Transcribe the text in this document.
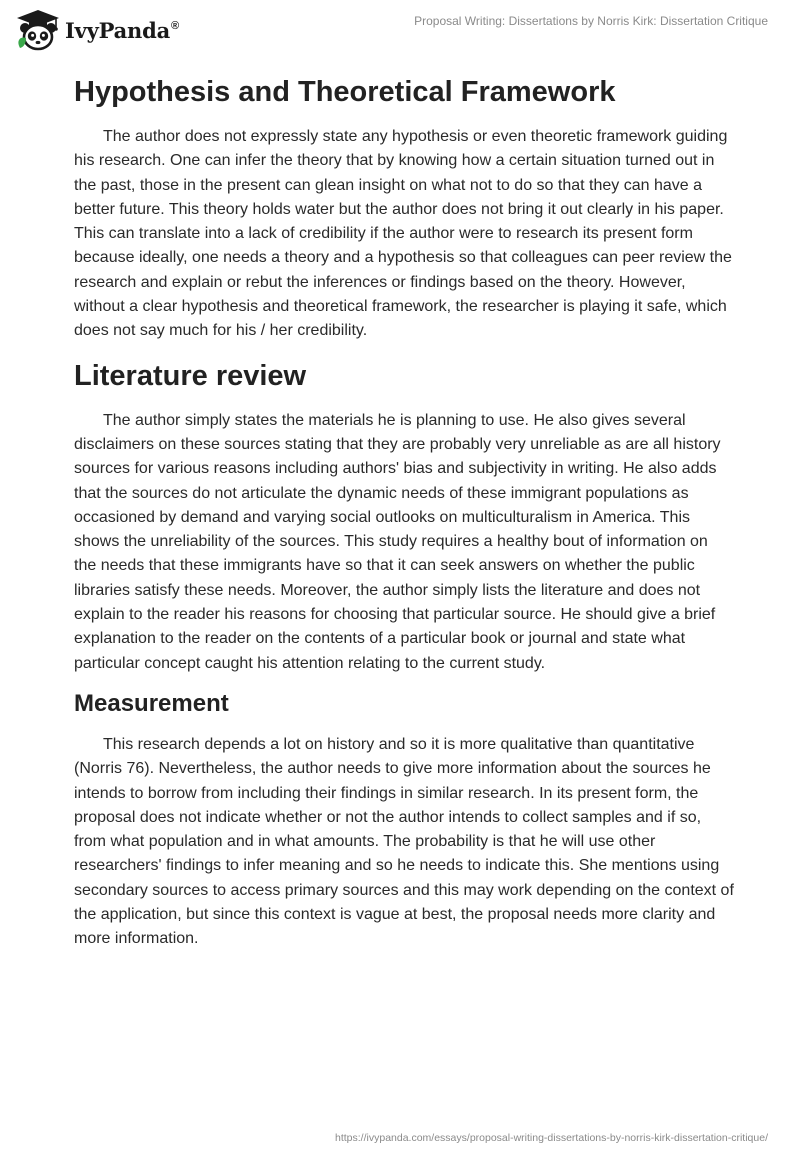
IvyPanda®	Proposal Writing: Dissertations by Norris Kirk: Dissertation Critique
Hypothesis and Theoretical Framework

The author does not expressly state any hypothesis or even theoretic framework guiding his research. One can infer the theory that by knowing how a certain situation turned out in the past, those in the present can glean insight on what not to do so that they can have a better future. This theory holds water but the author does not bring it out clearly in his paper. This can translate into a lack of credibility if the author were to research its present form because ideally, one needs a theory and a hypothesis so that colleagues can peer review the research and explain or rebut the inferences or findings based on the theory. However, without a clear hypothesis and theoretical framework, the researcher is playing it safe, which does not say much for his / her credibility.

Literature review

The author simply states the materials he is planning to use. He also gives several disclaimers on these sources stating that they are probably very unreliable as are all history sources for various reasons including authors' bias and subjectivity in writing. He also adds that the sources do not articulate the dynamic needs of these immigrant populations as occasioned by demand and varying social outlooks on multiculturalism in America. This shows the unreliability of the sources. This study requires a healthy bout of information on the needs that these immigrants have so that it can seek answers on whether the public libraries satisfy these needs. Moreover, the author simply lists the literature and does not explain to the reader his reasons for choosing that particular source. He should give a brief explanation to the reader on the contents of a particular book or journal and state what particular concept caught his attention relating to the current study.

Measurement

This research depends a lot on history and so it is more qualitative than quantitative (Norris 76). Nevertheless, the author needs to give more information about the sources he intends to borrow from including their findings in similar research. In its present form, the proposal does not indicate whether or not the author intends to collect samples and if so, from what population and in what amounts. The probability is that he will use other researchers' findings to infer meaning and so he needs to indicate this. She mentions using secondary sources to access primary sources and this may work depending on the context of the application, but since this context is vague at best, the proposal needs more clarity and more information.

https://ivypanda.com/essays/proposal-writing-dissertations-by-norris-kirk-dissertation-critique/
